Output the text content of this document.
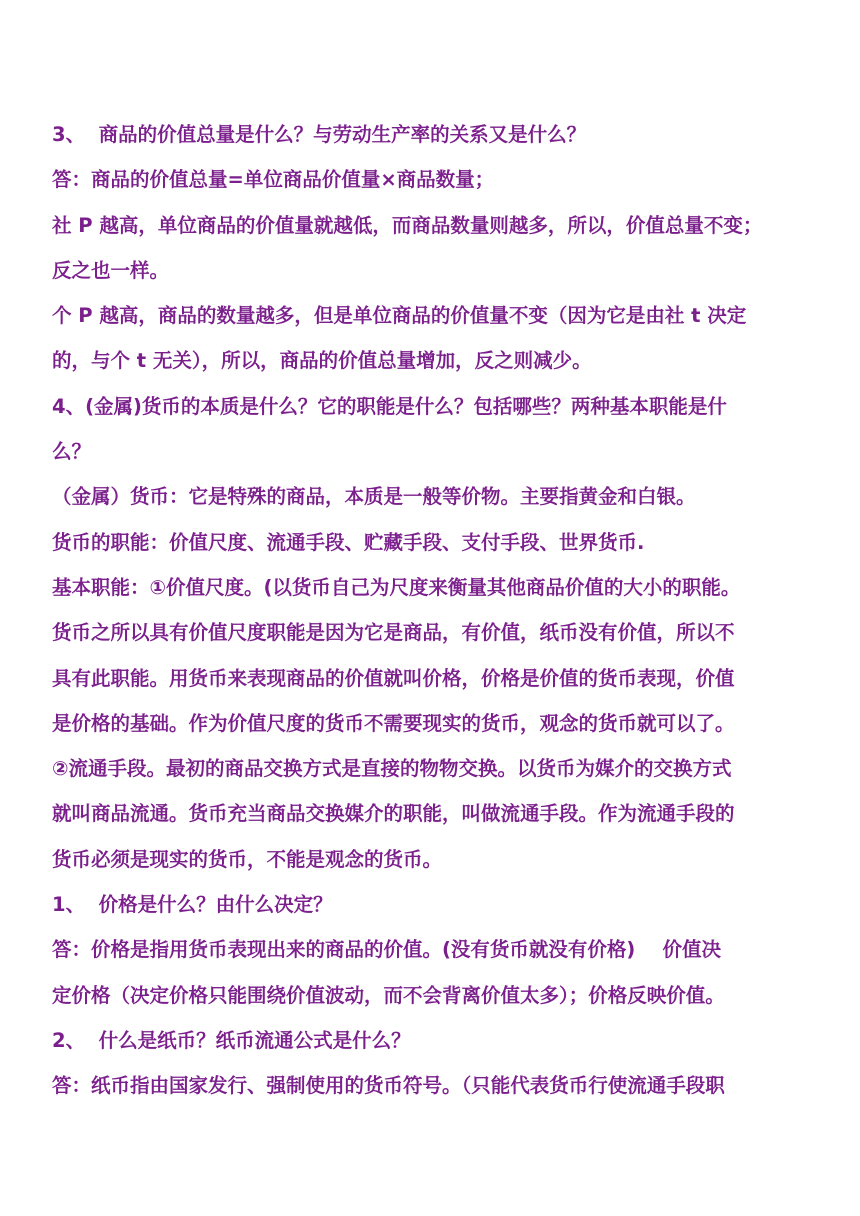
3、  商品的价值总量是什么？与劳动生产率的关系又是什么？
答：商品的价值总量=单位商品价值量×商品数量；
社 P 越高，单位商品的价值量就越低，而商品数量则越多，所以，价值总量不变；
反之也一样。
个 P 越高，商品的数量越多，但是单位商品的价值量不变（因为它是由社 t 决定
的，与个 t 无关），所以，商品的价值总量增加，反之则减少。
4、(金属)货币的本质是什么？它的职能是什么？包括哪些？两种基本职能是什
么？
（金属）货币：它是特殊的商品，本质是一般等价物。主要指黄金和白银。
货币的职能：价值尺度、流通手段、贮藏手段、支付手段、世界货币.
基本职能：①价值尺度。(以货币自己为尺度来衡量其他商品价值的大小的职能。
货币之所以具有价值尺度职能是因为它是商品，有价值，纸币没有价值，所以不
具有此职能。用货币来表现商品的价值就叫价格，价格是价值的货币表现，价值
是价格的基础。作为价值尺度的货币不需要现实的货币，观念的货币就可以了。
②流通手段。最初的商品交换方式是直接的物物交换。以货币为媒介的交换方式
就叫商品流通。货币充当商品交换媒介的职能，叫做流通手段。作为流通手段的
货币必须是现实的货币，不能是观念的货币。
1、  价格是什么？由什么决定？
答：价格是指用货币表现出来的商品的价值。(没有货币就没有价格)    价值决
定价格（决定价格只能围绕价值波动，而不会背离价值太多）；价格反映价值。
2、  什么是纸币？纸币流通公式是什么？
答：纸币指由国家发行、强制使用的货币符号。（只能代表货币行使流通手段职
